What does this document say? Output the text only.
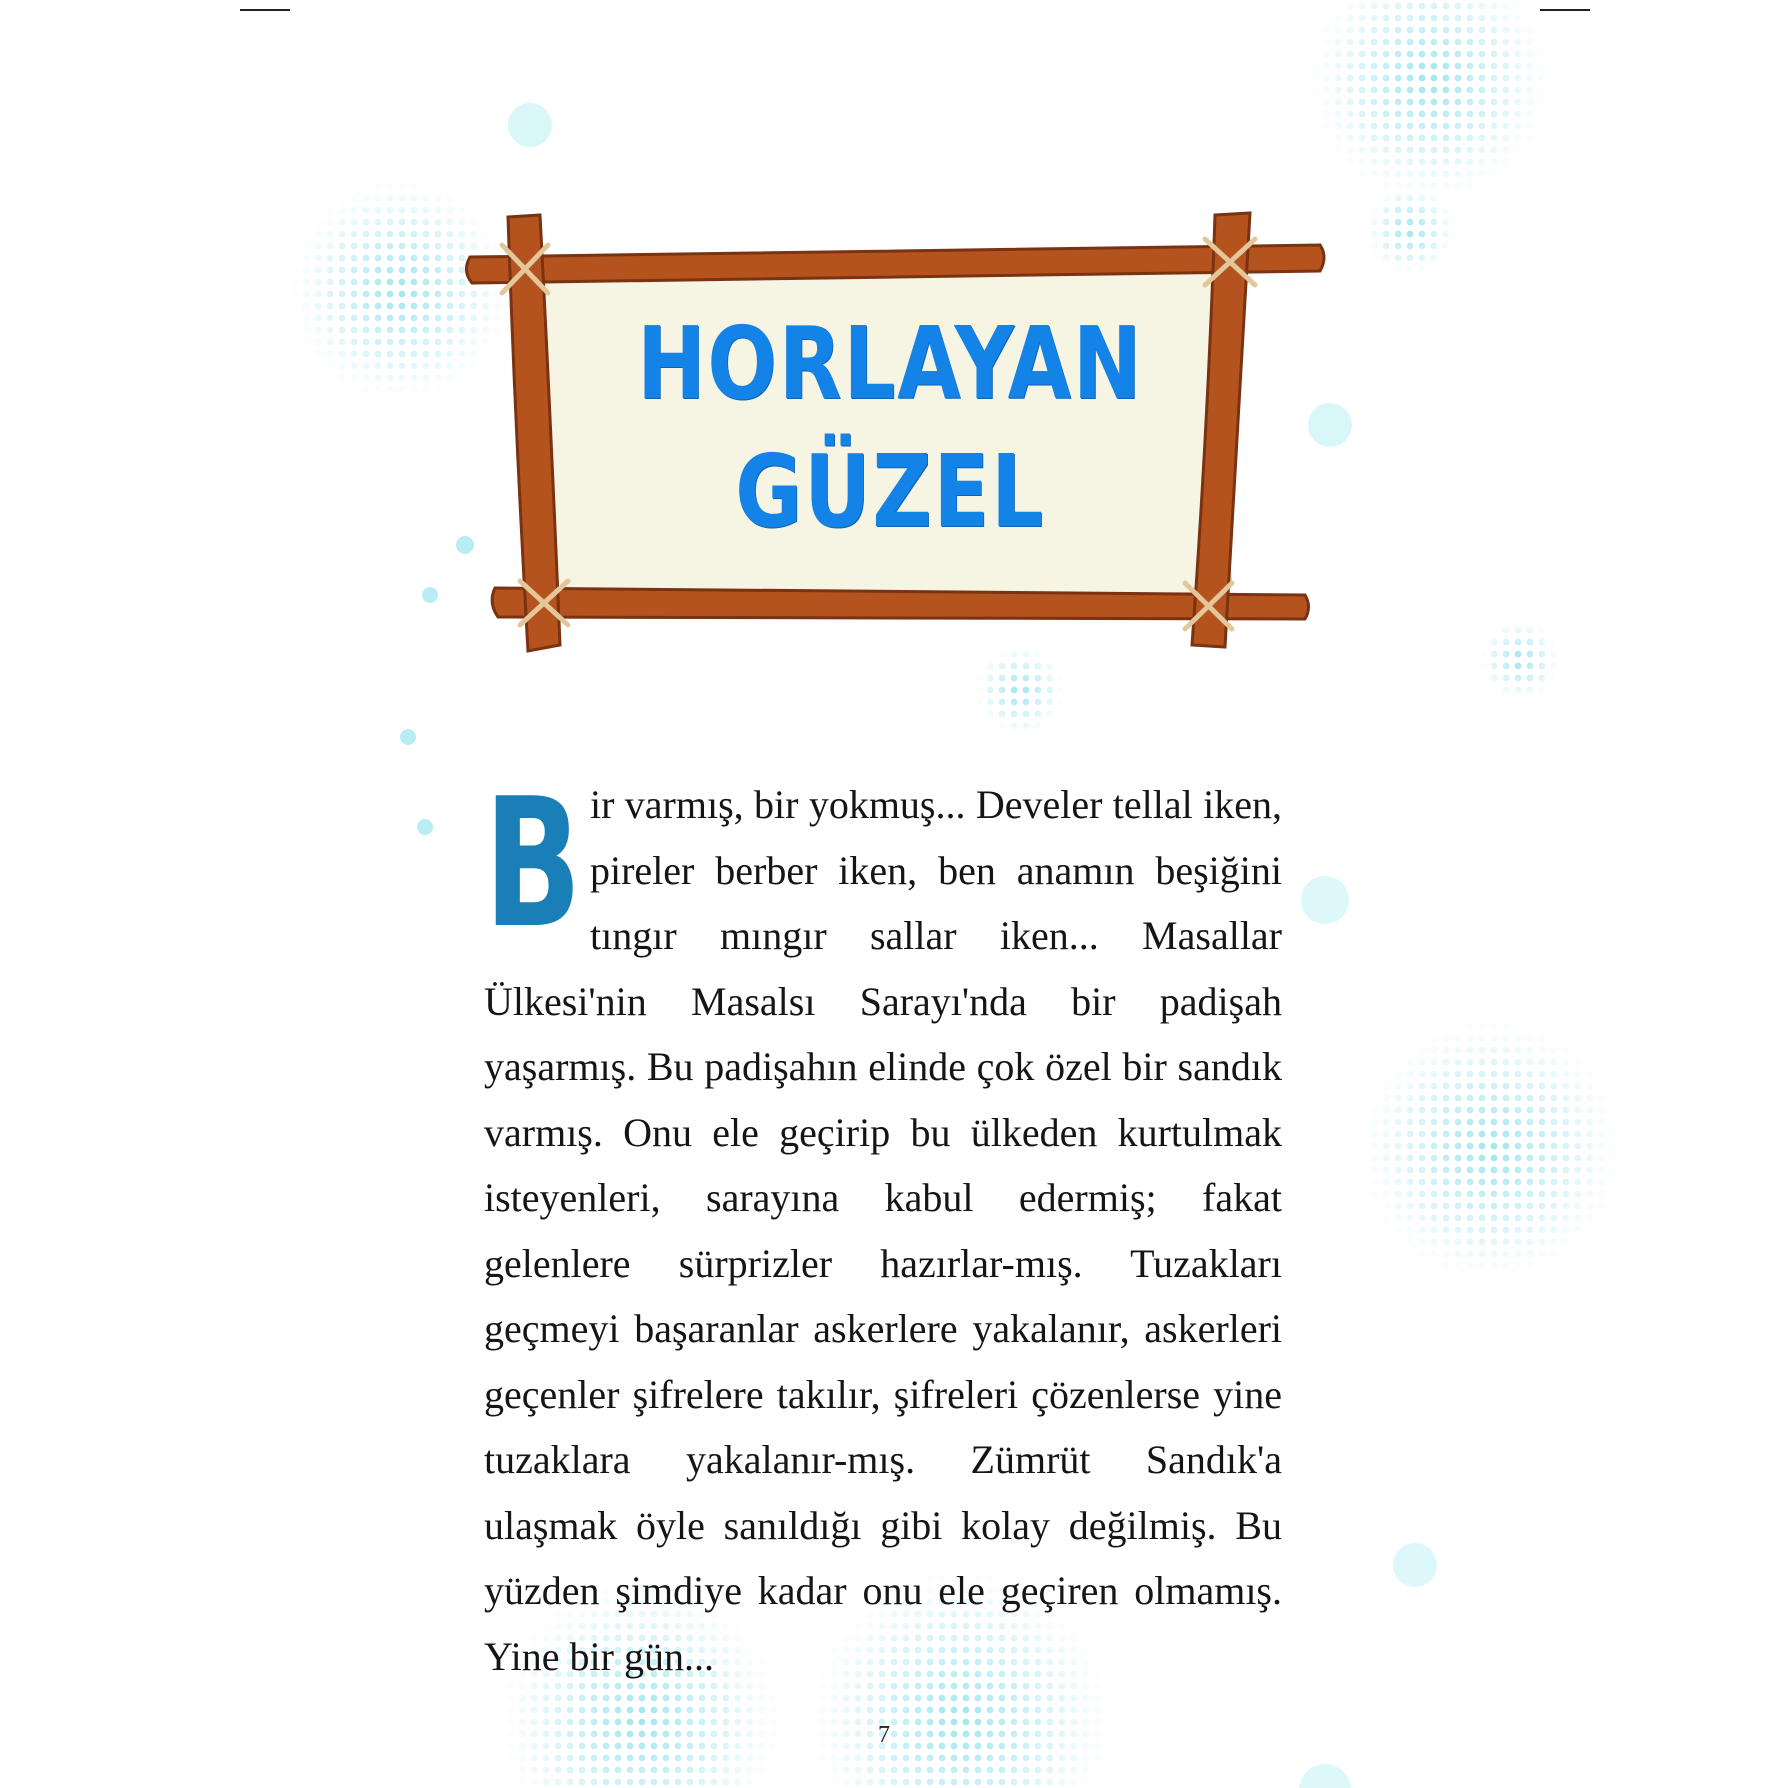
HORLAYAN
GÜZEL
Bir varmış, bir yokmuş... Develer tellal iken, pireler berber iken, ben anamın beşiğini tıngır mıngır sallar iken... Masallar Ülkesi'nin Masalsı Sarayı'nda bir padişah yaşarmış. Bu padişahın elinde çok özel bir sandık varmış. Onu ele geçirip bu ülkeden kurtulmak isteyenleri, sarayına kabul edermiş; fakat gelenlere sürprizler hazırlar-mış. Tuzakları geçmeyi başaranlar askerlere yakalanır, askerleri geçenler şifrelere takılır, şifreleri çözenlerse yine tuzaklara yakalanır-mış. Zümrüt Sandık'a ulaşmak öyle sanıldığı gibi kolay değilmiş. Bu yüzden şimdiye kadar onu ele geçiren olmamış. Yine bir gün...
7
